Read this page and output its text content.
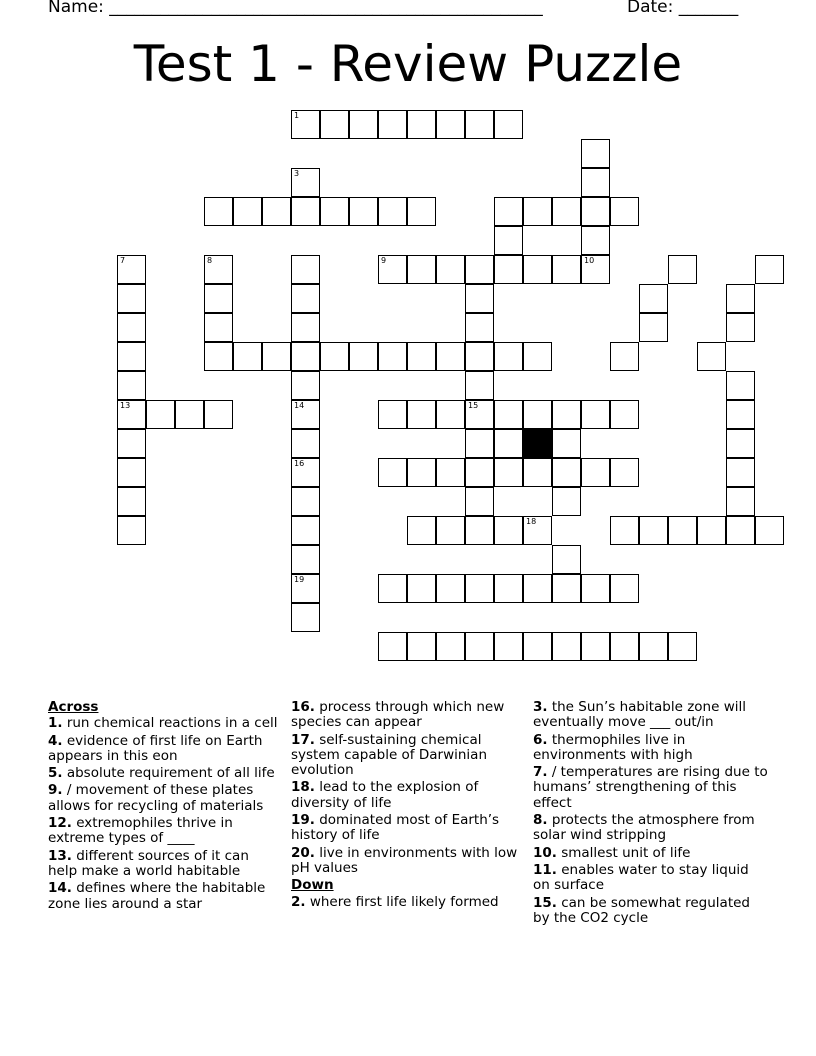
Name: ___________________________________________________	Date: _______
Test 1 - Review Puzzle
1
3
7	8	9	10
13	14	15
16
18
19
Across
1. run chemical reactions in a cell
4. evidence of first life on Earth appears in this eon
5. absolute requirement of all life
9. / movement of these plates allows for recycling of materials
12. extremophiles thrive in extreme types of ____
13. different sources of it can help make a world habitable
14. defines where the habitable zone lies around a star
16. process through which new species can appear
17. self-sustaining chemical system capable of Darwinian evolution
18. lead to the explosion of diversity of life
19. dominated most of Earth’s history of life
20. live in environments with low pH values
Down
2. where first life likely formed
3. the Sun’s habitable zone will eventually move ___ out/in
6. thermophiles live in environments with high
7. / temperatures are rising due to humans’ strengthening of this effect
8. protects the atmosphere from solar wind stripping
10. smallest unit of life
11. enables water to stay liquid on surface
15. can be somewhat regulated by the CO2 cycle
